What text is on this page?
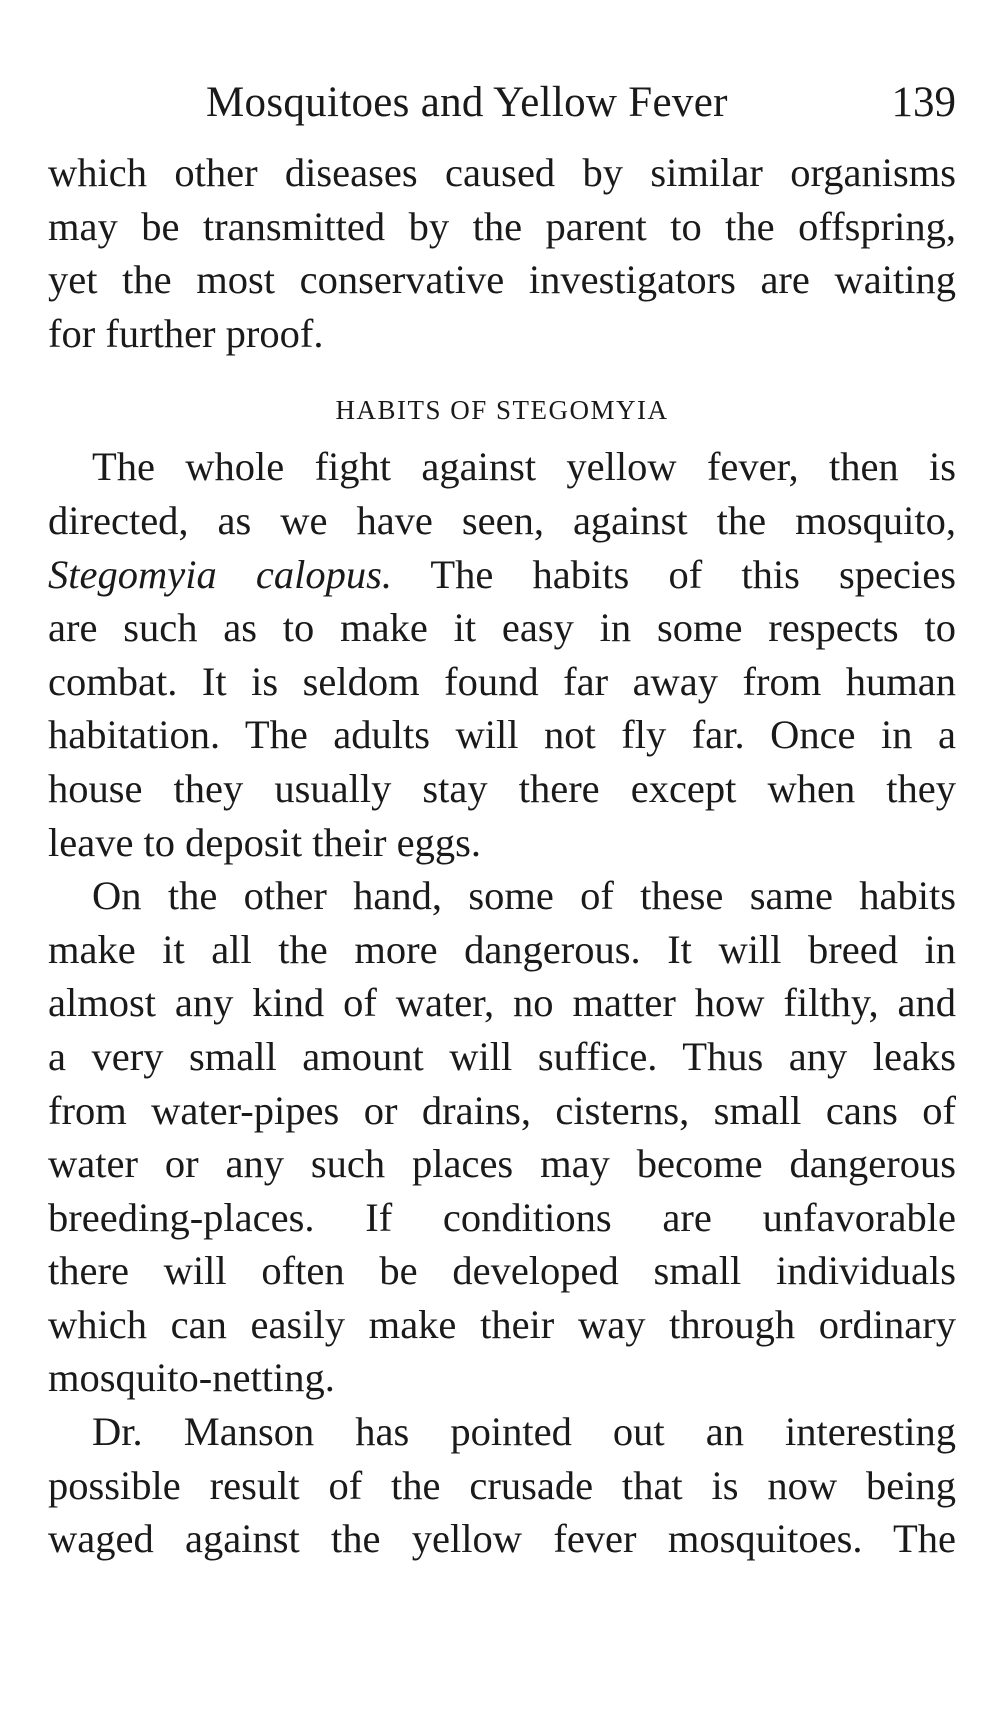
Mosquitoes and Yellow Fever	139
which other diseases caused by similar organisms
may be transmitted by the parent to the offspring,
yet the most conservative investigators are waiting
for further proof.
HABITS OF STEGOMYIA
The whole fight against yellow fever, then is
directed, as we have seen, against the mosquito,
Stegomyia calopus. The habits of this species
are such as to make it easy in some respects to
combat. It is seldom found far away from human
habitation. The adults will not fly far. Once in a
house they usually stay there except when they
leave to deposit their eggs.
On the other hand, some of these same habits
make it all the more dangerous. It will breed in
almost any kind of water, no matter how filthy, and
a very small amount will suffice. Thus any leaks
from water-pipes or drains, cisterns, small cans of
water or any such places may become dangerous
breeding-places. If conditions are unfavorable
there will often be developed small individuals
which can easily make their way through ordinary
mosquito-netting.
Dr. Manson has pointed out an interesting
possible result of the crusade that is now being
waged against the yellow fever mosquitoes. The
